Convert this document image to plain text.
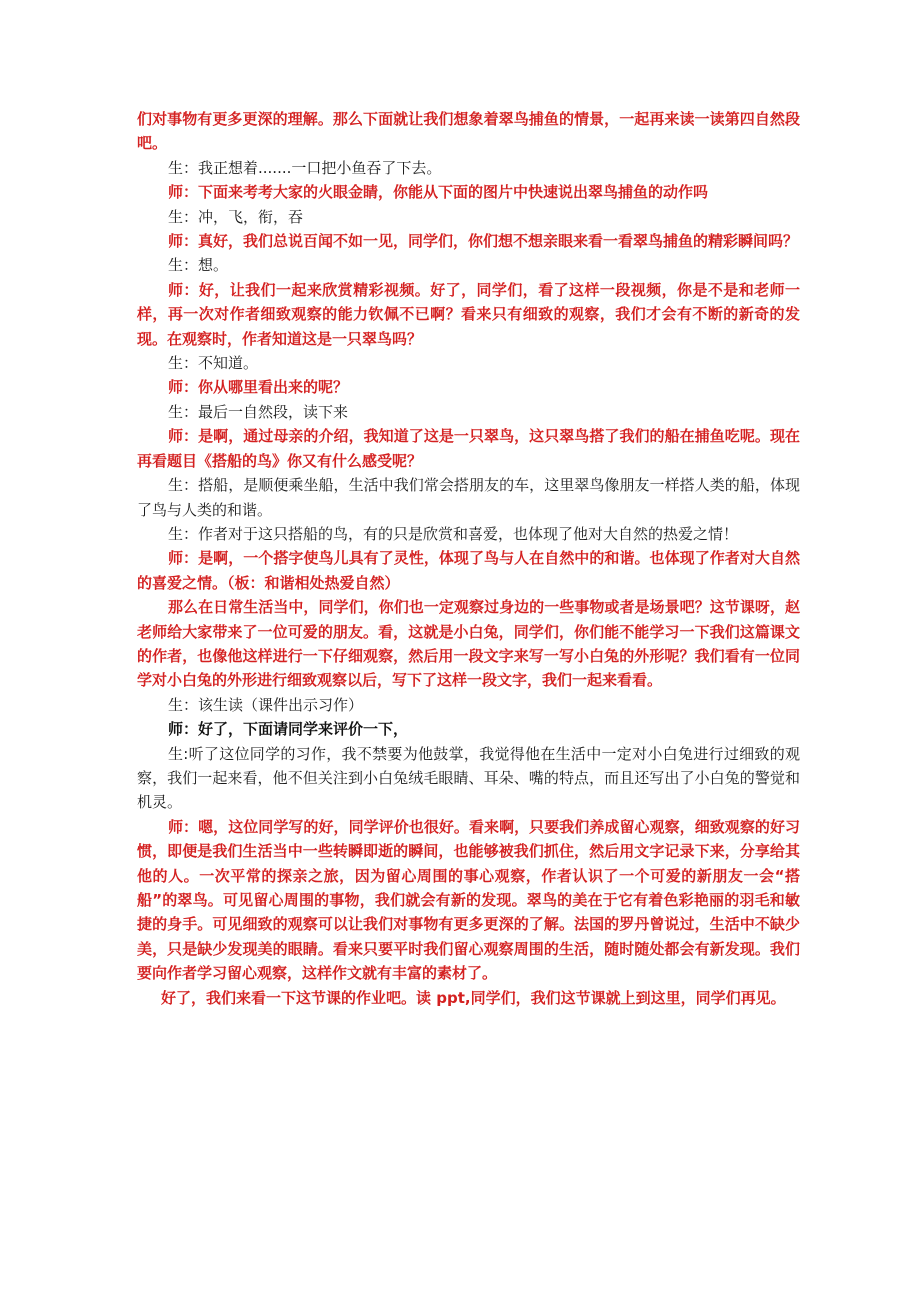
们对事物有更多更深的理解。那么下面就让我们想象着翠鸟捕鱼的情景，一起再来读一读第四自然段吧。

生：我正想着.......一口把小鱼吞了下去。

师：下面来考考大家的火眼金睛，你能从下面的图片中快速说出翠鸟捕鱼的动作吗

生：冲，飞，衔，吞

师：真好，我们总说百闻不如一见，同学们，你们想不想亲眼来看一看翠鸟捕鱼的精彩瞬间吗？

生：想。

师：好，让我们一起来欣赏精彩视频。好了，同学们，看了这样一段视频，你是不是和老师一样，再一次对作者细致观察的能力钦佩不已啊？看来只有细致的观察，我们才会有不断的新奇的发现。在观察时，作者知道这是一只翠鸟吗？

生：不知道。

师：你从哪里看出来的呢？

生：最后一自然段，读下来

师：是啊，通过母亲的介绍，我知道了这是一只翠鸟，这只翠鸟搭了我们的船在捕鱼吃呢。现在再看题目《搭船的鸟》你又有什么感受呢？

生：搭船，是顺便乘坐船，生活中我们常会搭朋友的车，这里翠鸟像朋友一样搭人类的船，体现了鸟与人类的和谐。

生：作者对于这只搭船的鸟，有的只是欣赏和喜爱，也体现了他对大自然的热爱之情！

师：是啊，一个搭字使鸟儿具有了灵性，体现了鸟与人在自然中的和谐。也体现了作者对大自然的喜爱之情。（板：和谐相处热爱自然）

那么在日常生活当中，同学们，你们也一定观察过身边的一些事物或者是场景吧？这节课呀，赵老师给大家带来了一位可爱的朋友。看，这就是小白兔，同学们，你们能不能学习一下我们这篇课文的作者，也像他这样进行一下仔细观察，然后用一段文字来写一写小白兔的外形呢？我们看有一位同学对小白兔的外形进行细致观察以后，写下了这样一段文字，我们一起来看看。

生：该生读（课件出示习作）

师：好了，下面请同学来评价一下，

生:听了这位同学的习作，我不禁要为他鼓掌，我觉得他在生活中一定对小白兔进行过细致的观察，我们一起来看，他不但关注到小白兔绒毛眼睛、耳朵、嘴的特点，而且还写出了小白兔的警觉和机灵。

师：嗯，这位同学写的好，同学评价也很好。看来啊，只要我们养成留心观察，细致观察的好习惯，即便是我们生活当中一些转瞬即逝的瞬间，也能够被我们抓住，然后用文字记录下来，分享给其他的人。一次平常的探亲之旅，因为留心周围的事心观察，作者认识了一个可爱的新朋友一会“搭船”的翠鸟。可见留心周围的事物，我们就会有新的发现。翠鸟的美在于它有着色彩艳丽的羽毛和敏捷的身手。可见细致的观察可以让我们对事物有更多更深的了解。法国的罗丹曾说过，生活中不缺少美，只是缺少发现美的眼睛。看来只要平时我们留心观察周围的生活，随时随处都会有新发现。我们要向作者学习留心观察，这样作文就有丰富的素材了。

好了，我们来看一下这节课的作业吧。读 ppt,同学们，我们这节课就上到这里，同学们再见。
